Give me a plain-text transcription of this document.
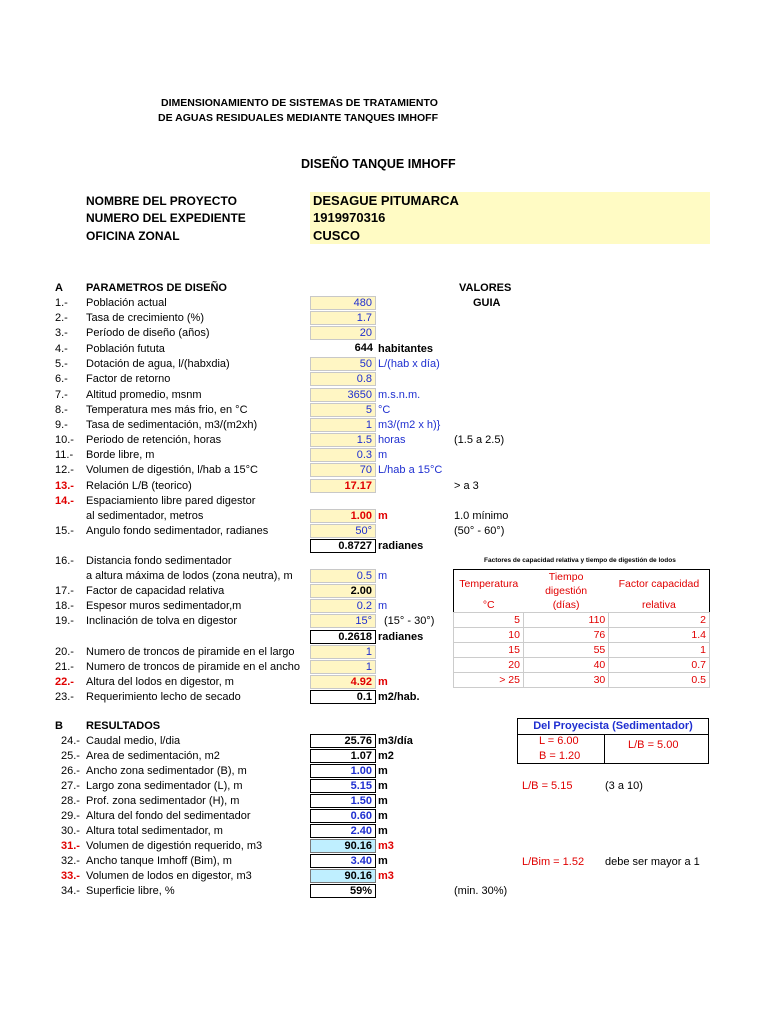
DIMENSIONAMIENTO DE SISTEMAS DE TRATAMIENTO
DE AGUAS RESIDUALES MEDIANTE TANQUES IMHOFF
DISEÑO TANQUE IMHOFF
NOMBRE DEL PROYECTO	DESAGUE PITUMARCA
NUMERO DEL EXPEDIENTE	1919970316
OFICINA ZONAL	CUSCO
A PARAMETROS DE DISEÑO	VALORES
GUIA
1.- Población actual	480
2.- Tasa de crecimiento (%)	1.7
3.- Período de diseño (años)	20
4.- Población fututa	644 habitantes
5.- Dotación de agua, l/(habxdia)	50 L/(hab x día)
6.- Factor de retorno	0.8
7.- Altitud promedio, msnm	3650 m.s.n.m.
8.- Temperatura mes más frio, en °C	5 °C
9.- Tasa de sedimentación, m3/(m2xh)	1 m3/(m2 x h)}
10.- Periodo de retención, horas	1.5 horas	(1.5 a 2.5)
11.- Borde libre, m	0.3 m
12.- Volumen de digestión, l/hab a 15°C	70 L/hab a 15°C
13.- Relación L/B (teorico)	17.17	> a 3
14.- Espaciamiento libre pared digestor
al sedimentador, metros	1.00 m	1.0 mínimo
15.- Angulo fondo sedimentador, radianes	50°	(50° - 60°)
0.8727 radianes
16.- Distancia fondo sedimentador
a altura máxima de lodos (zona neutra), m	0.5 m
17.- Factor de capacidad relativa	2.00
18.- Espesor muros sedimentador,m	0.2 m
19.- Inclinación de tolva en digestor	15°	(15° - 30°)
0.2618 radianes
20.- Numero de troncos de piramide en el largo	1
21.- Numero de troncos de piramide en el ancho	1
22.- Altura del lodos en digestor, m	4.92 m
23.- Requerimiento lecho de secado	0.1 m2/hab.
Factores de capacidad relativa y tiempo de digestión de lodos
Temperatura	Tiempo digestión	Factor capacidad
°C	(días)	relativa
5	110	2
10	76	1.4
15	55	1
20	40	0.7
> 25	30	0.5
B RESULTADOS
24.- Caudal medio, l/dia	25.76 m3/día
25.- Area de sedimentación, m2	1.07 m2
26.- Ancho zona sedimentador (B), m	1.00 m
27.- Largo zona sedimentador (L), m	5.15 m
28.- Prof. zona sedimentador (H), m	1.50 m
29.- Altura del fondo del sedimentador	0.60 m
30.- Altura total sedimentador, m	2.40 m
31.- Volumen de digestión requerido, m3	90.16 m3
32.- Ancho tanque Imhoff (Bim), m	3.40 m
33.- Volumen de lodos en digestor, m3	90.16 m3
34.- Superficie libre, %	59%
Del Proyecista (Sedimentador)
L = 6.00
B = 1.20
L/B = 5.00
L/B = 5.15	(3 a 10)
L/Bim = 1.52 debe ser mayor a 1
(min. 30%)
